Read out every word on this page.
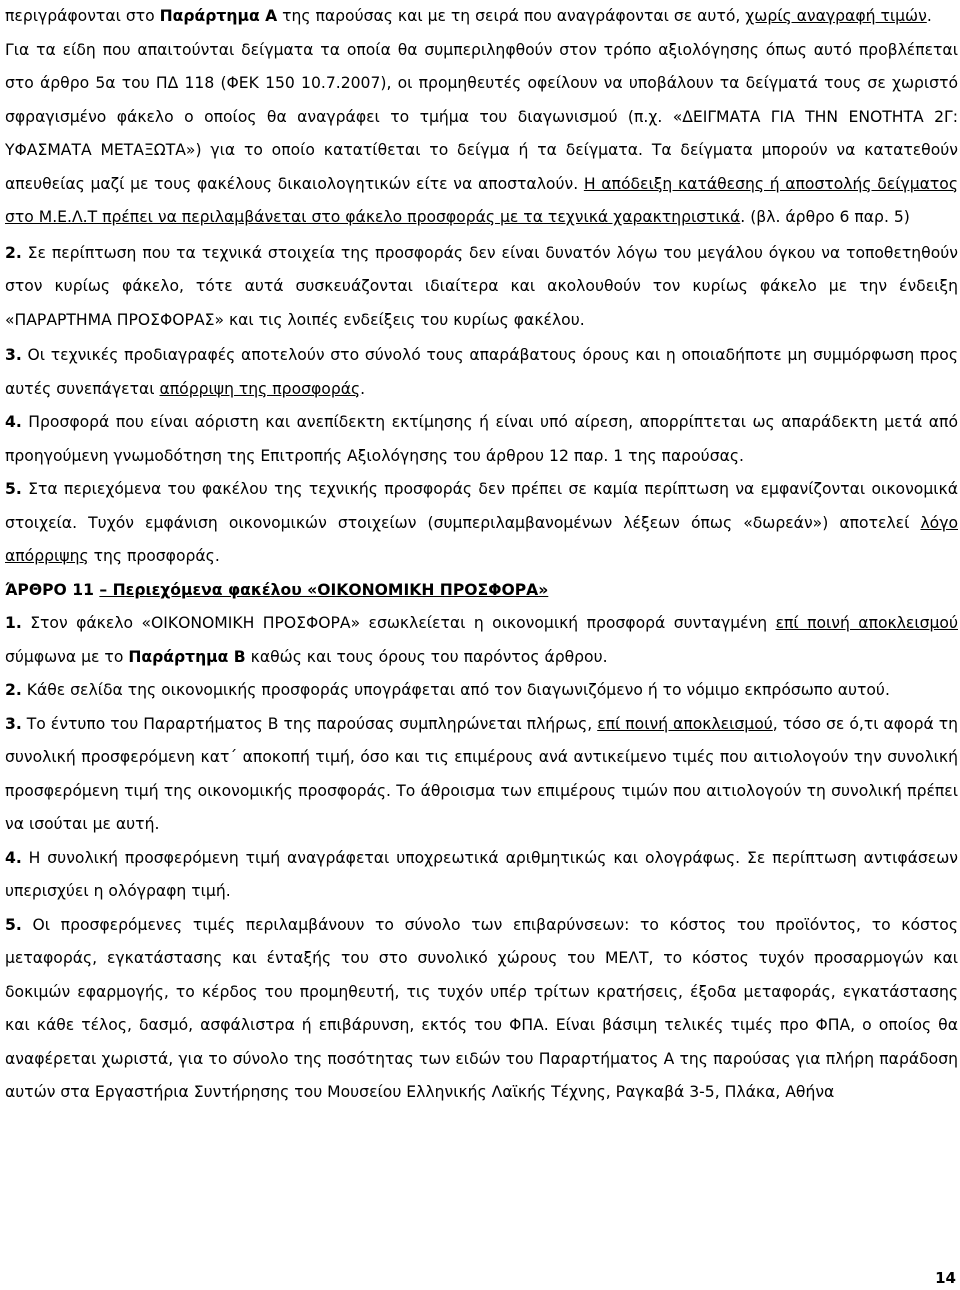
περιγράφονται στο Παράρτημα Α της παρούσας και με τη σειρά που αναγράφονται σε αυτό, χωρίς αναγραφή τιμών.

Για τα είδη που απαιτούνται δείγματα τα οποία θα συμπεριληφθούν στον τρόπο αξιολόγησης όπως αυτό προβλέπεται στο άρθρο 5α του ΠΔ 118 (ΦΕΚ 150 10.7.2007), οι προμηθευτές οφείλουν να υποβάλουν τα δείγματά τους σε χωριστό σφραγισμένο φάκελο ο οποίος θα αναγράφει το τμήμα του διαγωνισμού (π.χ. «ΔΕΙΓΜΑΤΑ ΓΙΑ ΤΗΝ ΕΝΟΤΗΤΑ 2Γ: ΥΦΑΣΜΑΤΑ ΜΕΤΑΞΩΤΑ») για το οποίο κατατίθεται το δείγμα ή τα δείγματα. Τα δείγματα μπορούν να κατατεθούν απευθείας μαζί με τους φακέλους δικαιολογητικών είτε να αποσταλούν. Η απόδειξη κατάθεσης ή αποστολής δείγματος στο Μ.Ε.Λ.Τ πρέπει να περιλαμβάνεται στο φάκελο προσφοράς με τα τεχνικά χαρακτηριστικά. (βλ. άρθρο 6 παρ. 5)

2. Σε περίπτωση που τα τεχνικά στοιχεία της προσφοράς δεν είναι δυνατόν λόγω του μεγάλου όγκου να τοποθετηθούν στον κυρίως φάκελο, τότε αυτά συσκευάζονται ιδιαίτερα και ακολουθούν τον κυρίως φάκελο με την ένδειξη «ΠΑΡΑΡΤΗΜΑ ΠΡΟΣΦΟΡΑΣ» και τις λοιπές ενδείξεις του κυρίως φακέλου.

3. Οι τεχνικές προδιαγραφές αποτελούν στο σύνολό τους απαράβατους όρους και η οποιαδήποτε μη συμμόρφωση προς αυτές συνεπάγεται απόρριψη της προσφοράς.

4. Προσφορά που είναι αόριστη και ανεπίδεκτη εκτίμησης ή είναι υπό αίρεση, απορρίπτεται ως απαράδεκτη μετά από προηγούμενη γνωμοδότηση της Επιτροπής Αξιολόγησης του άρθρου 12 παρ. 1 της παρούσας.

5. Στα περιεχόμενα του φακέλου της τεχνικής προσφοράς δεν πρέπει σε καμία περίπτωση να εμφανίζονται οικονομικά στοιχεία. Τυχόν εμφάνιση οικονομικών στοιχείων (συμπεριλαμβανομένων λέξεων όπως «δωρεάν») αποτελεί λόγο απόρριψης της προσφοράς.

ΆΡΘΡΟ 11 – Περιεχόμενα φακέλου «ΟΙΚΟΝΟΜΙΚΗ ΠΡΟΣΦΟΡΑ»

1. Στον φάκελο «ΟΙΚΟΝΟΜΙΚΗ ΠΡΟΣΦΟΡΑ» εσωκλείεται η οικονομική προσφορά συνταγμένη επί ποινή αποκλεισμού σύμφωνα με το Παράρτημα Β καθώς και τους όρους του παρόντος άρθρου.

2. Κάθε σελίδα της οικονομικής προσφοράς υπογράφεται από τον διαγωνιζόμενο ή το νόμιμο εκπρόσωπο αυτού.

3. Το έντυπο του Παραρτήματος Β της παρούσας συμπληρώνεται πλήρως, επί ποινή αποκλεισμού, τόσο σε ό,τι αφορά τη συνολική προσφερόμενη κατ΄ αποκοπή τιμή, όσο και τις επιμέρους ανά αντικείμενο τιμές που αιτιολογούν την συνολική προσφερόμενη τιμή της οικονομικής προσφοράς. Το άθροισμα των επιμέρους τιμών που αιτιολογούν τη συνολική πρέπει να ισούται με αυτή.

4. Η συνολική προσφερόμενη τιμή αναγράφεται υποχρεωτικά αριθμητικώς και ολογράφως. Σε περίπτωση αντιφάσεων υπερισχύει η ολόγραφη τιμή.

5. Οι προσφερόμενες τιμές περιλαμβάνουν το σύνολο των επιβαρύνσεων: το κόστος του προϊόντος, το κόστος μεταφοράς, εγκατάστασης και ένταξής του στο συνολικό χώρους του ΜΕΛΤ, το κόστος τυχόν προσαρμογών και δοκιμών εφαρμογής, το κέρδος του προμηθευτή, τις τυχόν υπέρ τρίτων κρατήσεις, έξοδα μεταφοράς, εγκατάστασης και κάθε τέλος, δασμό, ασφάλιστρα ή επιβάρυνση, εκτός του ΦΠΑ. Είναι βάσιμη τελικές τιμές προ ΦΠΑ, ο οποίος θα αναφέρεται χωριστά, για το σύνολο της ποσότητας των ειδών του Παραρτήματος Α της παρούσας για πλήρη παράδοση αυτών στα Εργαστήρια Συντήρησης του Μουσείου Ελληνικής Λαϊκής Τέχνης, Ραγκαβά 3-5, Πλάκα, Αθήνα

14
